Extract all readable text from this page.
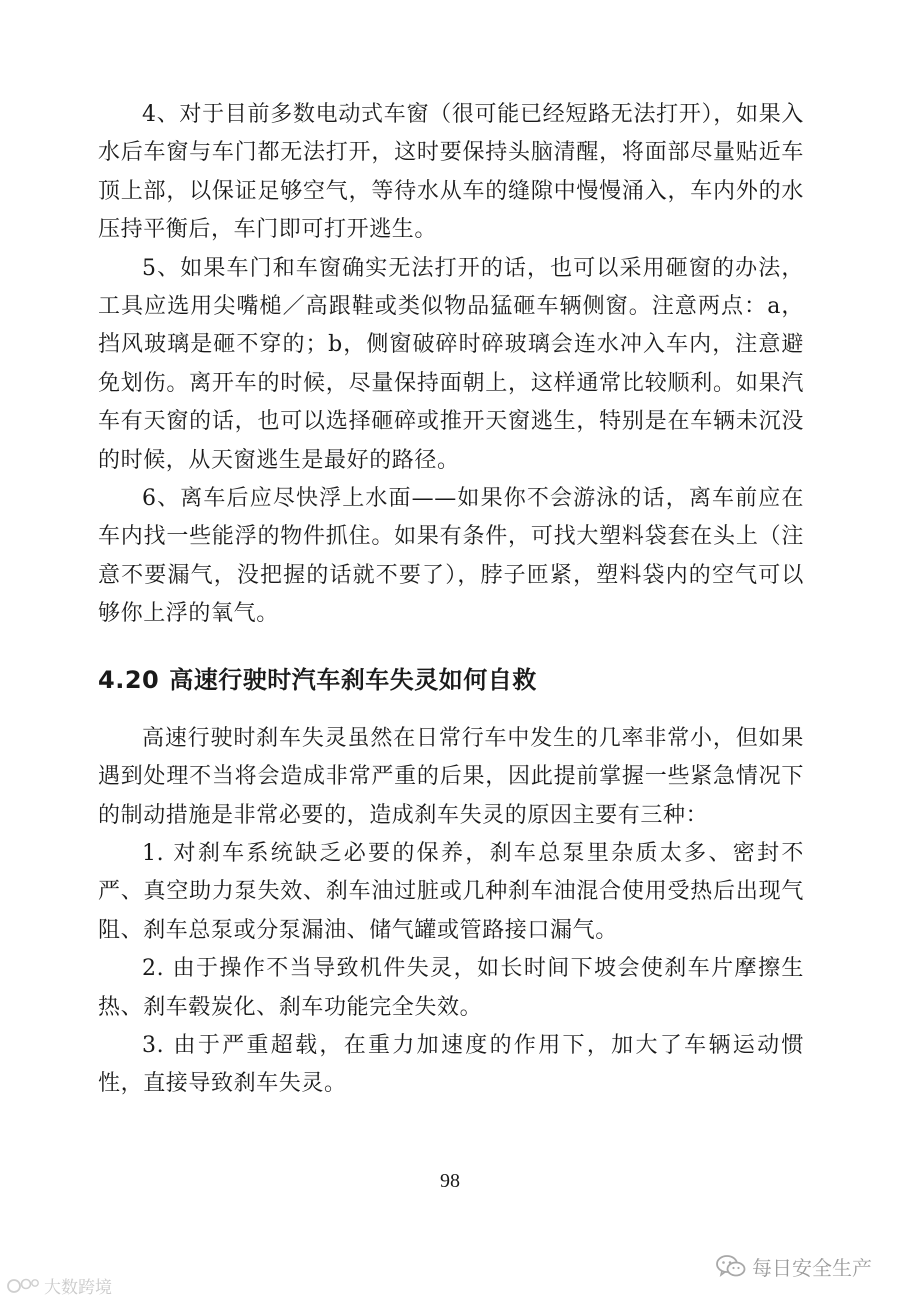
4、对于目前多数电动式车窗（很可能已经短路无法打开），如果入水后车窗与车门都无法打开，这时要保持头脑清醒，将面部尽量贴近车顶上部，以保证足够空气，等待水从车的缝隙中慢慢涌入，车内外的水压持平衡后，车门即可打开逃生。

5、如果车门和车窗确实无法打开的话，也可以采用砸窗的办法，工具应选用尖嘴槌／高跟鞋或类似物品猛砸车辆侧窗。注意两点：a，挡风玻璃是砸不穿的；b，侧窗破碎时碎玻璃会连水冲入车内，注意避免划伤。离开车的时候，尽量保持面朝上，这样通常比较顺利。如果汽车有天窗的话，也可以选择砸碎或推开天窗逃生，特别是在车辆未沉没的时候，从天窗逃生是最好的路径。

6、离车后应尽快浮上水面——如果你不会游泳的话，离车前应在车内找一些能浮的物件抓住。如果有条件，可找大塑料袋套在头上（注意不要漏气，没把握的话就不要了），脖子匝紧，塑料袋内的空气可以够你上浮的氧气。

4.20 高速行驶时汽车刹车失灵如何自救

高速行驶时刹车失灵虽然在日常行车中发生的几率非常小，但如果遇到处理不当将会造成非常严重的后果，因此提前掌握一些紧急情况下的制动措施是非常必要的，造成刹车失灵的原因主要有三种：

1. 对刹车系统缺乏必要的保养，刹车总泵里杂质太多、密封不严、真空助力泵失效、刹车油过脏或几种刹车油混合使用受热后出现气阻、刹车总泵或分泵漏油、储气罐或管路接口漏气。

2. 由于操作不当导致机件失灵，如长时间下坡会使刹车片摩擦生热、刹车毂炭化、刹车功能完全失效。

3. 由于严重超载，在重力加速度的作用下，加大了车辆运动惯性，直接导致刹车失灵。

98
每日安全生产
大数跨境
